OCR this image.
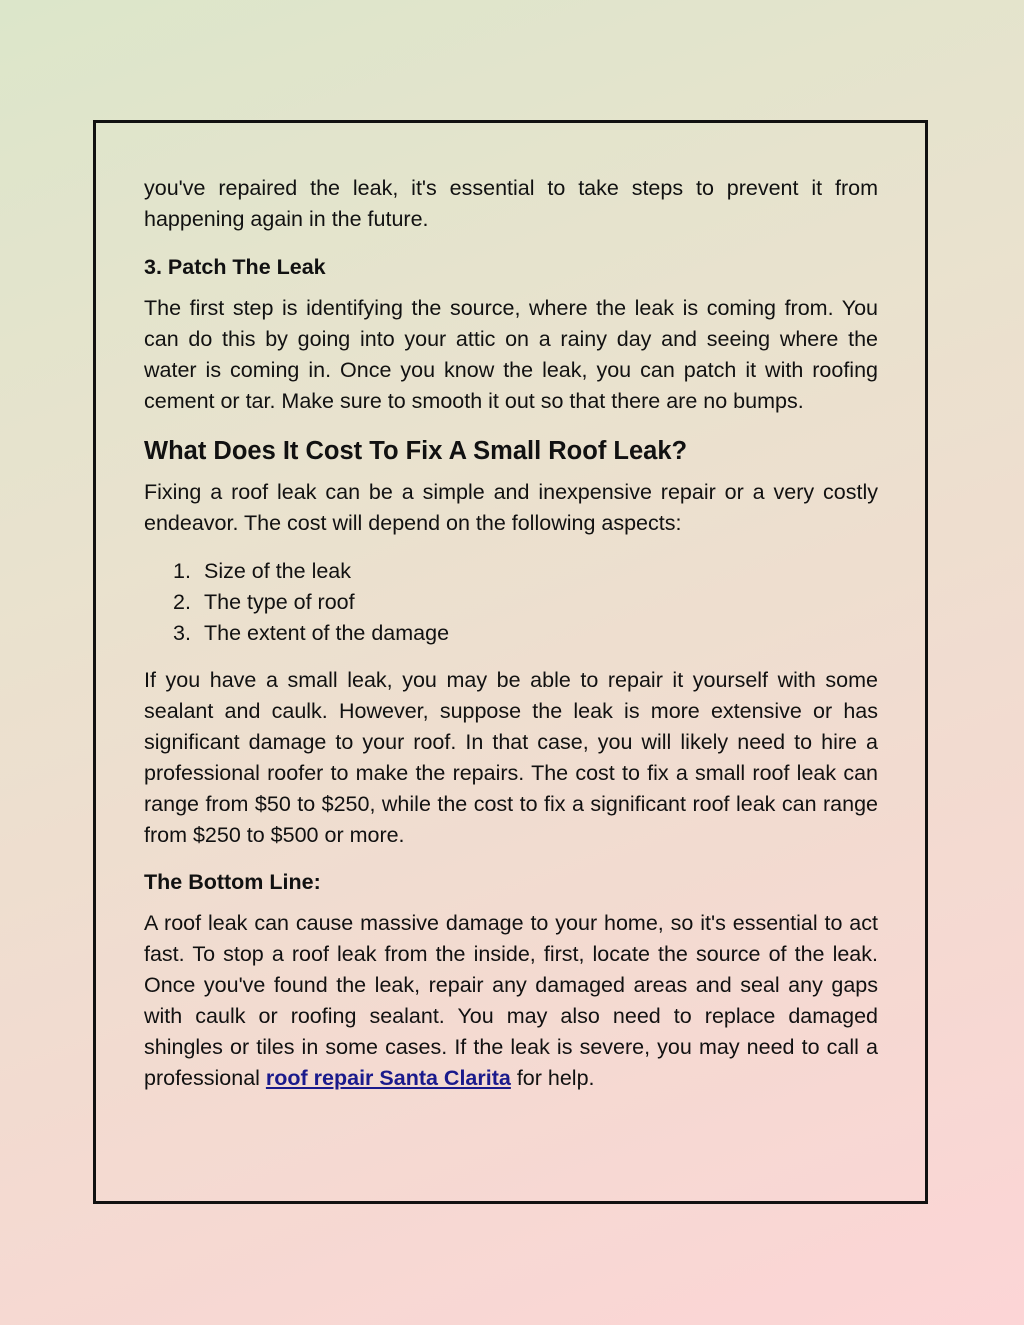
you've repaired the leak, it's essential to take steps to prevent it from happening again in the future.

3. Patch The Leak

The first step is identifying the source, where the leak is coming from. You can do this by going into your attic on a rainy day and seeing where the water is coming in. Once you know the leak, you can patch it with roofing cement or tar. Make sure to smooth it out so that there are no bumps.

What Does It Cost To Fix A Small Roof Leak?

Fixing a roof leak can be a simple and inexpensive repair or a very costly endeavor. The cost will depend on the following aspects:

1. Size of the leak
2. The type of roof
3. The extent of the damage

If you have a small leak, you may be able to repair it yourself with some sealant and caulk. However, suppose the leak is more extensive or has significant damage to your roof. In that case, you will likely need to hire a professional roofer to make the repairs. The cost to fix a small roof leak can range from $50 to $250, while the cost to fix a significant roof leak can range from $250 to $500 or more.

The Bottom Line:

A roof leak can cause massive damage to your home, so it's essential to act fast. To stop a roof leak from the inside, first, locate the source of the leak. Once you've found the leak, repair any damaged areas and seal any gaps with caulk or roofing sealant. You may also need to replace damaged shingles or tiles in some cases. If the leak is severe, you may need to call a professional roof repair Santa Clarita for help.
